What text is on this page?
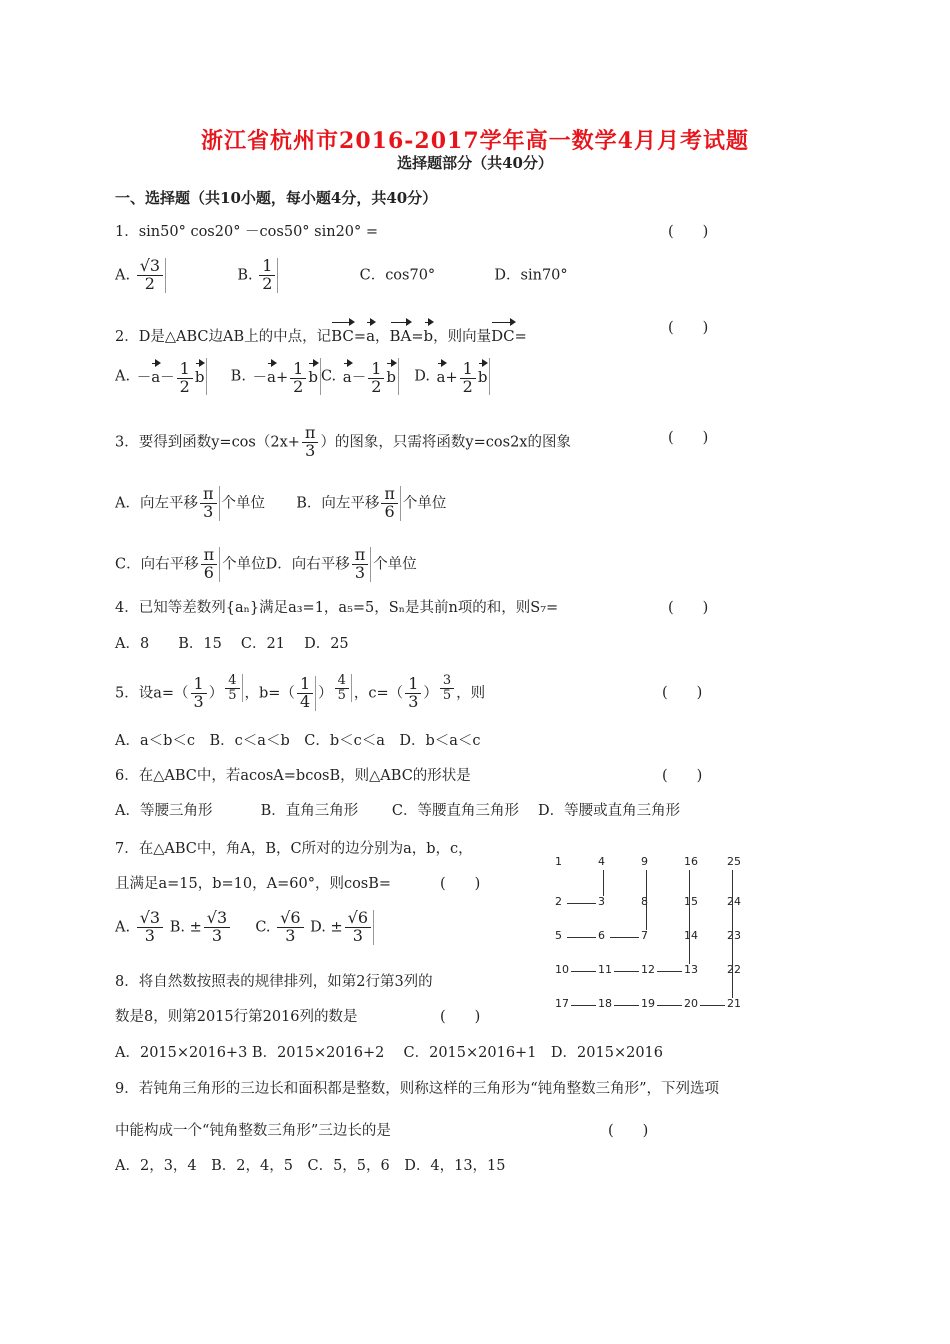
浙江省杭州市2016-2017学年高一数学4月月考试题
选择题部分（共40分）
一、选择题（共10小题，每小题4分，共40分）
1．sin50° cos20° －cos50° sin20° =	(　　)
A. $\frac{√3}{2}$	B. $\frac{1}{2}$	C．cos70°	D．sin70°
2．D是△ABC边AB上的中点，记BC=a，BA=b，则向量DC=
(　　)
A. $-a- \frac{1}{2}$ b B. $-a+ \frac{1}{2}$ b C. $a- \frac{1}{2}$ b D. $a+ \frac{1}{2}$ b
3．要得到函数$y=\cos(2x+ \frac{\pi}{3}$ ）的图象，只需将函数y=cos2x的图象	(　　)
A．向左平移 $\frac{\pi}{3}$ 个单位 B．向左平移 $\frac{\pi}{6}$ 个单位
C．向右平移 $\frac{\pi}{6}$ 个单位D．向右平移 $\frac{\pi}{3}$ 个单位
4．已知等差数列{aₙ}满足a₃=1，a₅=5，Sₙ是其前n项的和，则S₇=	(　　)
A．8　　B．15　 C．21　 D．25
5．设$a=( \frac{1}{3}$ ） $^{\frac{4}{5}}$ ，$b=( \frac{1}{4}$ ） $^{\frac{4}{5}}$ ，$c=( \frac{1}{3}$ ） $^{\frac{3}{5}}$ ，则	(　　)
A．a＜b＜c　B．c＜a＜b　C．b＜c＜a　D．b＜a＜c
6．在△ABC中，若acosA=bcosB，则△ABC的形状是	(　　)
A．等腰三角形　　　 B．直角三角形　　 C．等腰直角三角形　 D．等腰或直角三角形
7．在△ABC中，角A，B，C所对的边分别为a，b，c，
且满足a=15，b=10，A=60°，则cosB=	(　　)
A. $\frac{√3}{3} B$. ± $\frac{√3}{3} C$. $\frac{√6}{3} D$. ± $\frac{√6}{3}$
8．将自然数按照表的规律排列，如第2行第3列的
数是8，则第2015行第2016列的数是	(　　)
A．2015×2016+3 B．2015×2016+2　 C．2015×2016+1　D．2015×2016
1	4	9	16	25
2	3	8	15	24
5	6	7	14	23
10	11	12	13	22
17	18	19	20	21
9．若钝角三角形的三边长和面积都是整数，则称这样的三角形为“钝角整数三角形”，下列选项
中能构成一个“钝角整数三角形”三边长的是	(　　)
A．2，3，4　B．2，4，5　C．5，5，6　D．4，13，15
